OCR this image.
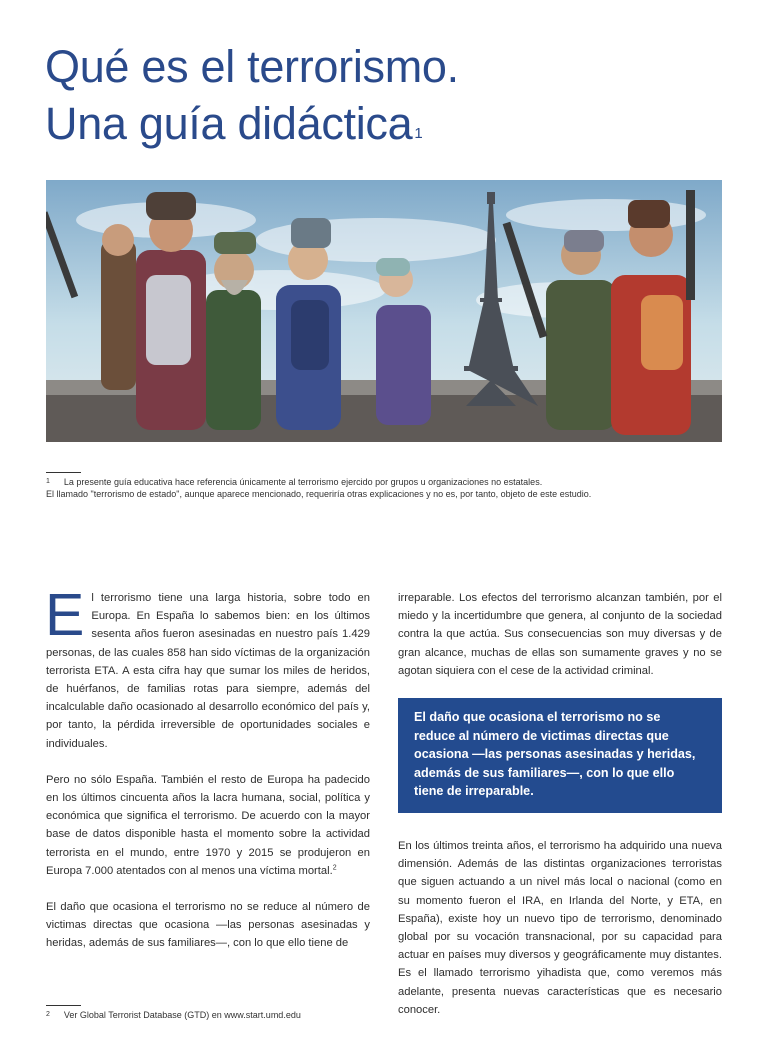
Qué es el terrorismo.
Una guía didáctica $^1$

$^1$ La presente guía educativa hace referencia únicamente al terrorismo ejercido por grupos u organizaciones no estatales.
El llamado "terrorismo de estado", aunque aparece mencionado, requeriría otras explicaciones y no es, por tanto, objeto de este estudio.

El terrorismo tiene una larga historia, sobre todo en Europa. En España lo sabemos bien: en los últimos sesenta años fueron asesinadas en nuestro país 1.429 personas, de las cuales 858 han sido víctimas de la organización terrorista ETA. A esta cifra hay que sumar los miles de heridos, de huérfanos, de familias rotas para siempre, además del incalculable daño ocasionado al desarrollo económico del país y, por tanto, la pérdida irreversible de oportunidades sociales e individuales.

Pero no sólo España. También el resto de Europa ha padecido en los últimos cincuenta años la lacra humana, social, política y económica que significa el terrorismo. De acuerdo con la mayor base de datos disponible hasta el momento sobre la actividad terrorista en el mundo, entre 1970 y 2015 se produjeron en Europa 7.000 atentados con al menos una víctima mortal.$^2$

El daño que ocasiona el terrorismo no se reduce al número de victimas directas que ocasiona —las personas asesinadas y heridas, además de sus familiares—, con lo que ello tiene de

irreparable. Los efectos del terrorismo alcanzan también, por el miedo y la incertidumbre que genera, al conjunto de la sociedad contra la que actúa. Sus consecuencias son muy diversas y de gran alcance, muchas de ellas son sumamente graves y no se agotan siquiera con el cese de la actividad criminal.

El daño que ocasiona el terrorismo no se reduce al número de victimas directas que ocasiona —las personas asesinadas y heridas, además de sus familiares—, con lo que ello tiene de irreparable.

En los últimos treinta años, el terrorismo ha adquirido una nueva dimensión. Además de las distintas organizaciones terroristas que siguen actuando a un nivel más local o nacional (como en su momento fueron el IRA, en Irlanda del Norte, y ETA, en España), existe hoy un nuevo tipo de terrorismo, denominado global por su vocación transnacional, por su capacidad para actuar en países muy diversos y geográficamente muy distantes. Es el llamado terrorismo yihadista que, como veremos más adelante, presenta nuevas características que es necesario conocer.

$^2$ Ver Global Terrorist Database (GTD) en www.start.umd.edu
